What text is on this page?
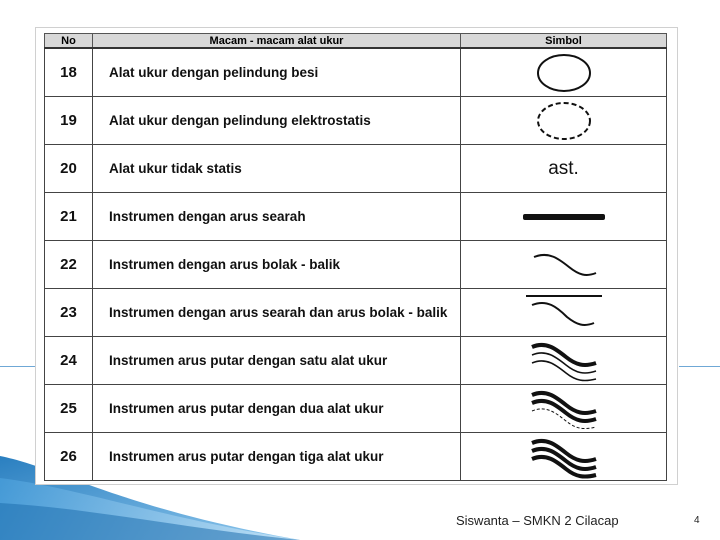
No	Macam - macam alat ukur	Simbol
18	Alat ukur dengan pelindung besi	

19	Alat ukur dengan pelindung elektrostatis	

20	Alat ukur tidak statis	ast.
21	Instrumen dengan arus searah	

22	Instrumen dengan arus bolak - balik	

23	Instrumen dengan arus searah dan arus bolak - balik	

24	Instrumen arus putar dengan satu alat ukur	

25	Instrumen arus putar dengan dua alat ukur	

26	Instrumen arus putar dengan tiga alat ukur	
Siswanta – SMKN 2 Cilacap	4
